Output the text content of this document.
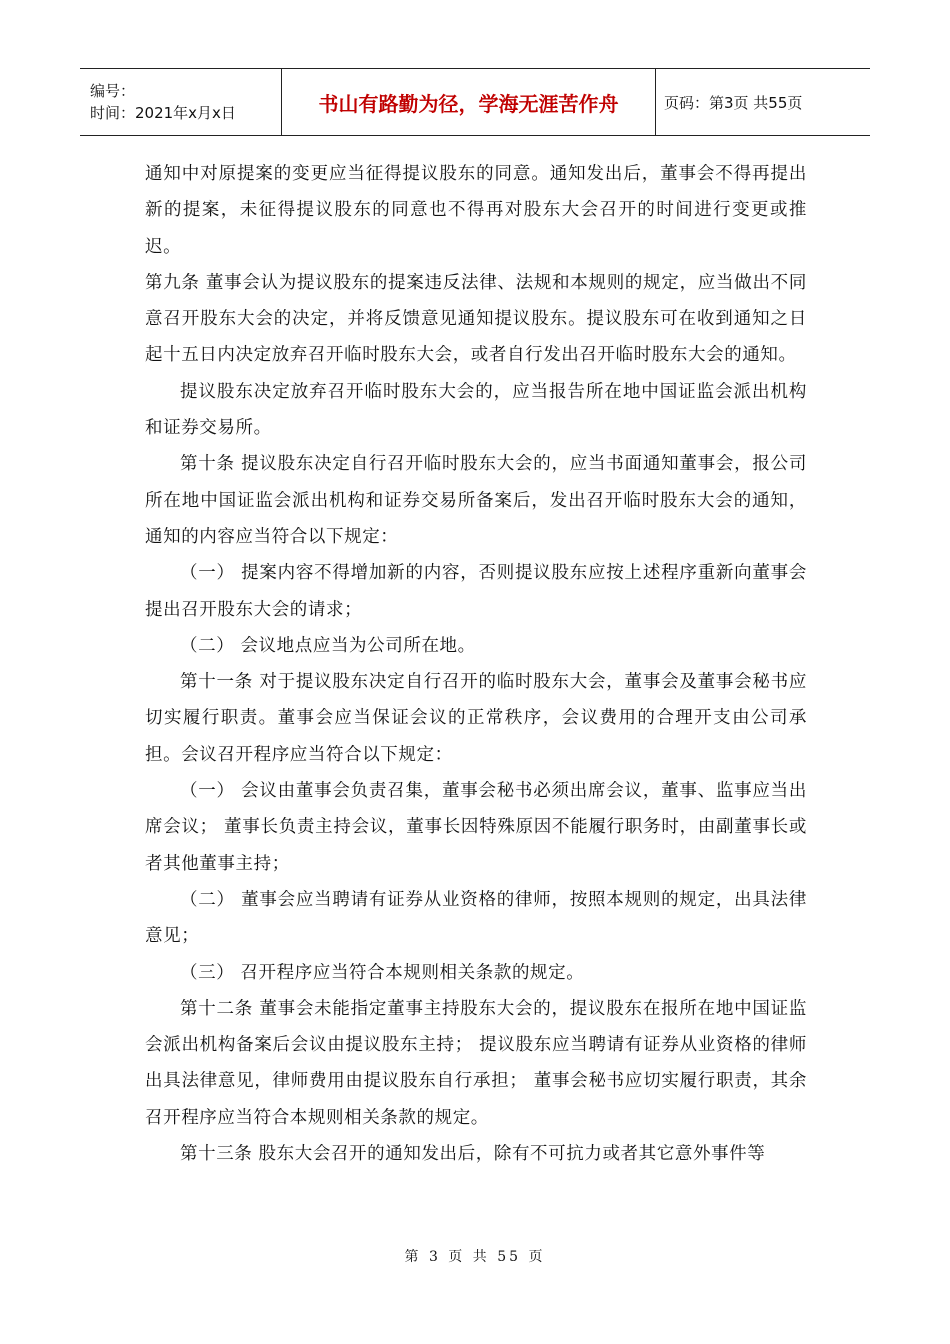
编号：
时间：2021年x月x日	书山有路勤为径，学海无涯苦作舟	页码：第3页 共55页

通知中对原提案的变更应当征得提议股东的同意。通知发出后，董事会不得再提出新的提案，未征得提议股东的同意也不得再对股东大会召开的时间进行变更或推迟。

第九条 董事会认为提议股东的提案违反法律、法规和本规则的规定，应当做出不同意召开股东大会的决定，并将反馈意见通知提议股东。提议股东可在收到通知之日起十五日内决定放弃召开临时股东大会，或者自行发出召开临时股东大会的通知。

提议股东决定放弃召开临时股东大会的，应当报告所在地中国证监会派出机构和证券交易所。

第十条 提议股东决定自行召开临时股东大会的，应当书面通知董事会，报公司所在地中国证监会派出机构和证券交易所备案后，发出召开临时股东大会的通知，通知的内容应当符合以下规定：

（一） 提案内容不得增加新的内容，否则提议股东应按上述程序重新向董事会提出召开股东大会的请求；

（二） 会议地点应当为公司所在地。

第十一条 对于提议股东决定自行召开的临时股东大会，董事会及董事会秘书应切实履行职责。董事会应当保证会议的正常秩序，会议费用的合理开支由公司承担。会议召开程序应当符合以下规定：

（一） 会议由董事会负责召集，董事会秘书必须出席会议，董事、监事应当出席会议； 董事长负责主持会议，董事长因特殊原因不能履行职务时，由副董事长或者其他董事主持；

（二） 董事会应当聘请有证券从业资格的律师，按照本规则的规定，出具法律意见；

（三） 召开程序应当符合本规则相关条款的规定。

第十二条 董事会未能指定董事主持股东大会的，提议股东在报所在地中国证监会派出机构备案后会议由提议股东主持； 提议股东应当聘请有证券从业资格的律师出具法律意见，律师费用由提议股东自行承担； 董事会秘书应切实履行职责，其余召开程序应当符合本规则相关条款的规定。

第十三条 股东大会召开的通知发出后，除有不可抗力或者其它意外事件等

第 3 页 共 55 页
